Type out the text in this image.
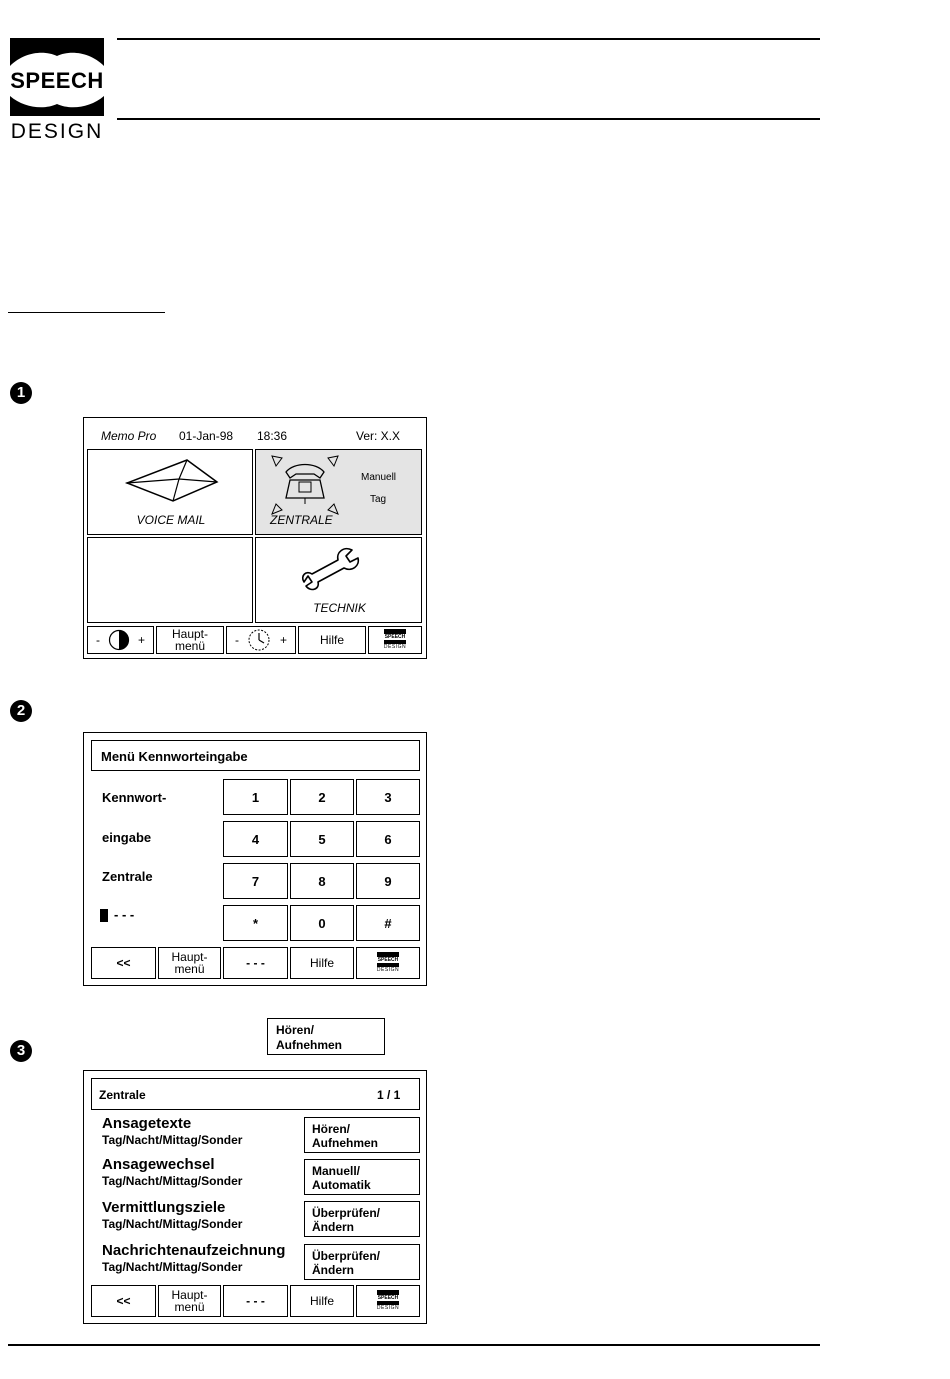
SPEECH
DESIGN
1
Memo Pro 01-Jan-98 18:36	Ver: X.X
VOICE MAIL
Manuell
Tag
ZENTRALE
TECHNIK
-	+ Haupt-
menü -	+	Hilfe	SPEECH
DESIGN
2
Menü Kennworteingabe
Kennwort-
eingabe
Zentrale
- - -
1	2	3
4	5	6
7	8	9
*	0	#
<<	Haupt-
menü	- - -	Hilfe	SPEECH
DESIGN
3
Hören/
Aufnehmen
Zentrale	1 / 1
Ansagetexte
Tag/Nacht/Mittag/Sonder
Hören/
Aufnehmen
Ansagewechsel
Tag/Nacht/Mittag/Sonder
Manuell/
Automatik
Vermittlungsziele
Tag/Nacht/Mittag/Sonder
Überprüfen/
Ändern
Nachrichtenaufzeichnung
Tag/Nacht/Mittag/Sonder
Überprüfen/
Ändern
<<	Haupt-
menü	- - -	Hilfe	SPEECH
DESIGN
